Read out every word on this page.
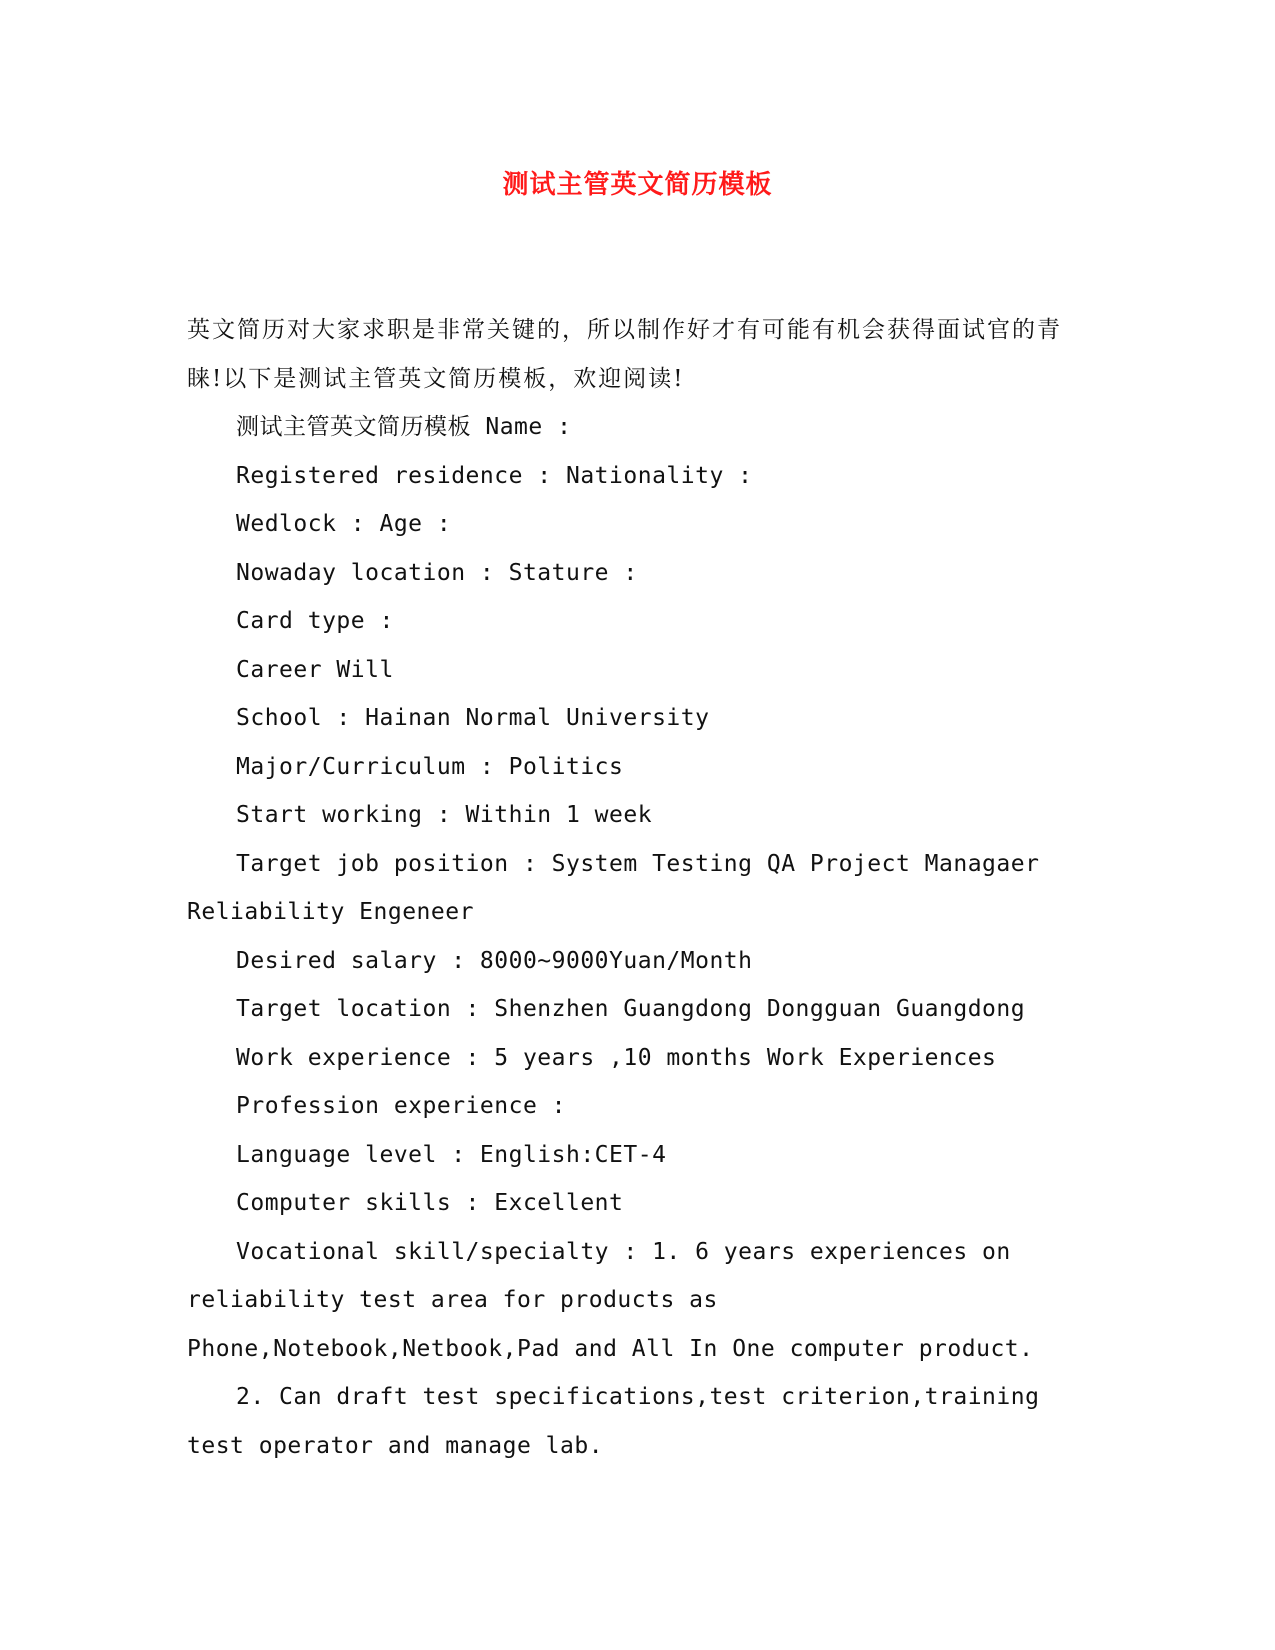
测试主管英文简历模板

英文简历对大家求职是非常关键的，所以制作好才有可能有机会获得面试官的青睐!以下是测试主管英文简历模板，欢迎阅读!

测试主管英文简历模板 Name :

Registered residence : Nationality :

Wedlock : Age :

Nowaday location : Stature :

Card type :

Career Will

School : Hainan Normal University

Major/Curriculum : Politics

Start working : Within 1 week

Target job position : System Testing QA Project Managaer Reliability Engeneer

Desired salary : 8000~9000Yuan/Month

Target location : Shenzhen Guangdong Dongguan Guangdong

Work experience : 5 years ,10 months Work Experiences

Profession experience :

Language level : English:CET-4

Computer skills : Excellent

Vocational skill/specialty : 1. 6 years experiences on reliability test area for products as Phone,Notebook,Netbook,Pad and All In One computer product.

2. Can draft test specifications,test criterion,training test operator and manage lab.
